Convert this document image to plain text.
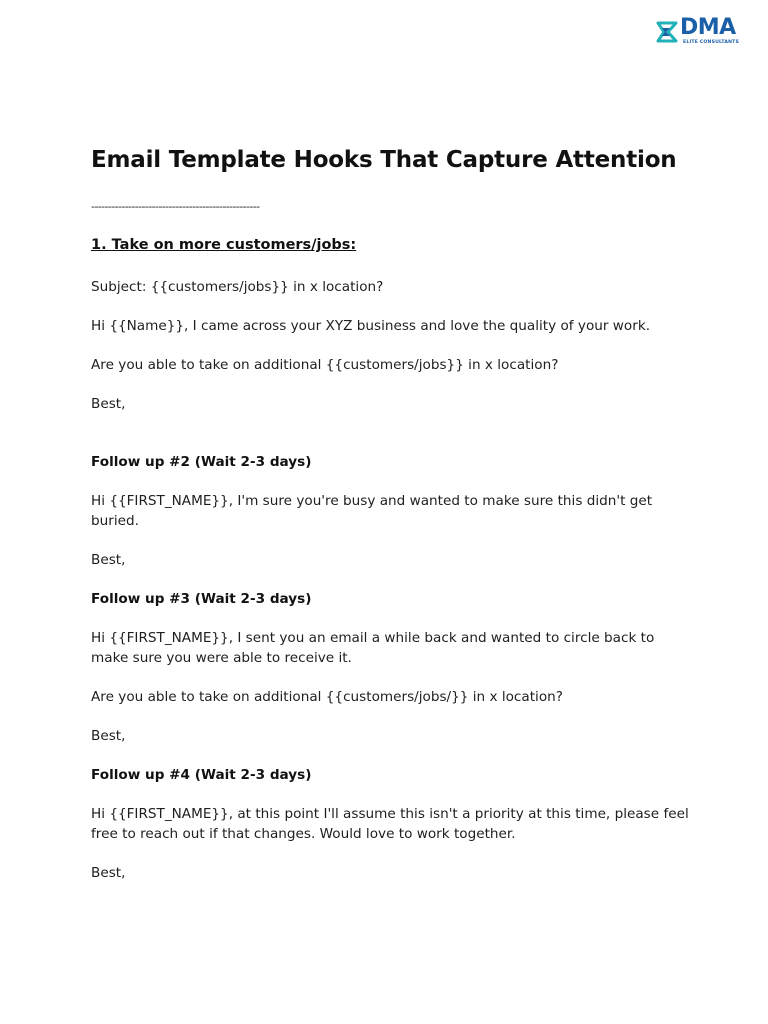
DMA
ELITE CONSULTANTS
Email Template Hooks That Capture Attention
--------------------------------------------------
1. Take on more customers/jobs:

Subject: {{customers/jobs}} in x location?

Hi {{Name}}, I came across your XYZ business and love the quality of your work.

Are you able to take on additional {{customers/jobs}} in x location?

Best,

Follow up #2 (Wait 2-3 days)

Hi {{FIRST_NAME}}, I'm sure you're busy and wanted to make sure this didn't get buried.

Best,

Follow up #3 (Wait 2-3 days)

Hi {{FIRST_NAME}}, I sent you an email a while back and wanted to circle back to make sure you were able to receive it.

Are you able to take on additional {{customers/jobs/}} in x location?

Best,

Follow up #4 (Wait 2-3 days)

Hi {{FIRST_NAME}}, at this point I'll assume this isn't a priority at this time, please feel free to reach out if that changes. Would love to work together.

Best,
